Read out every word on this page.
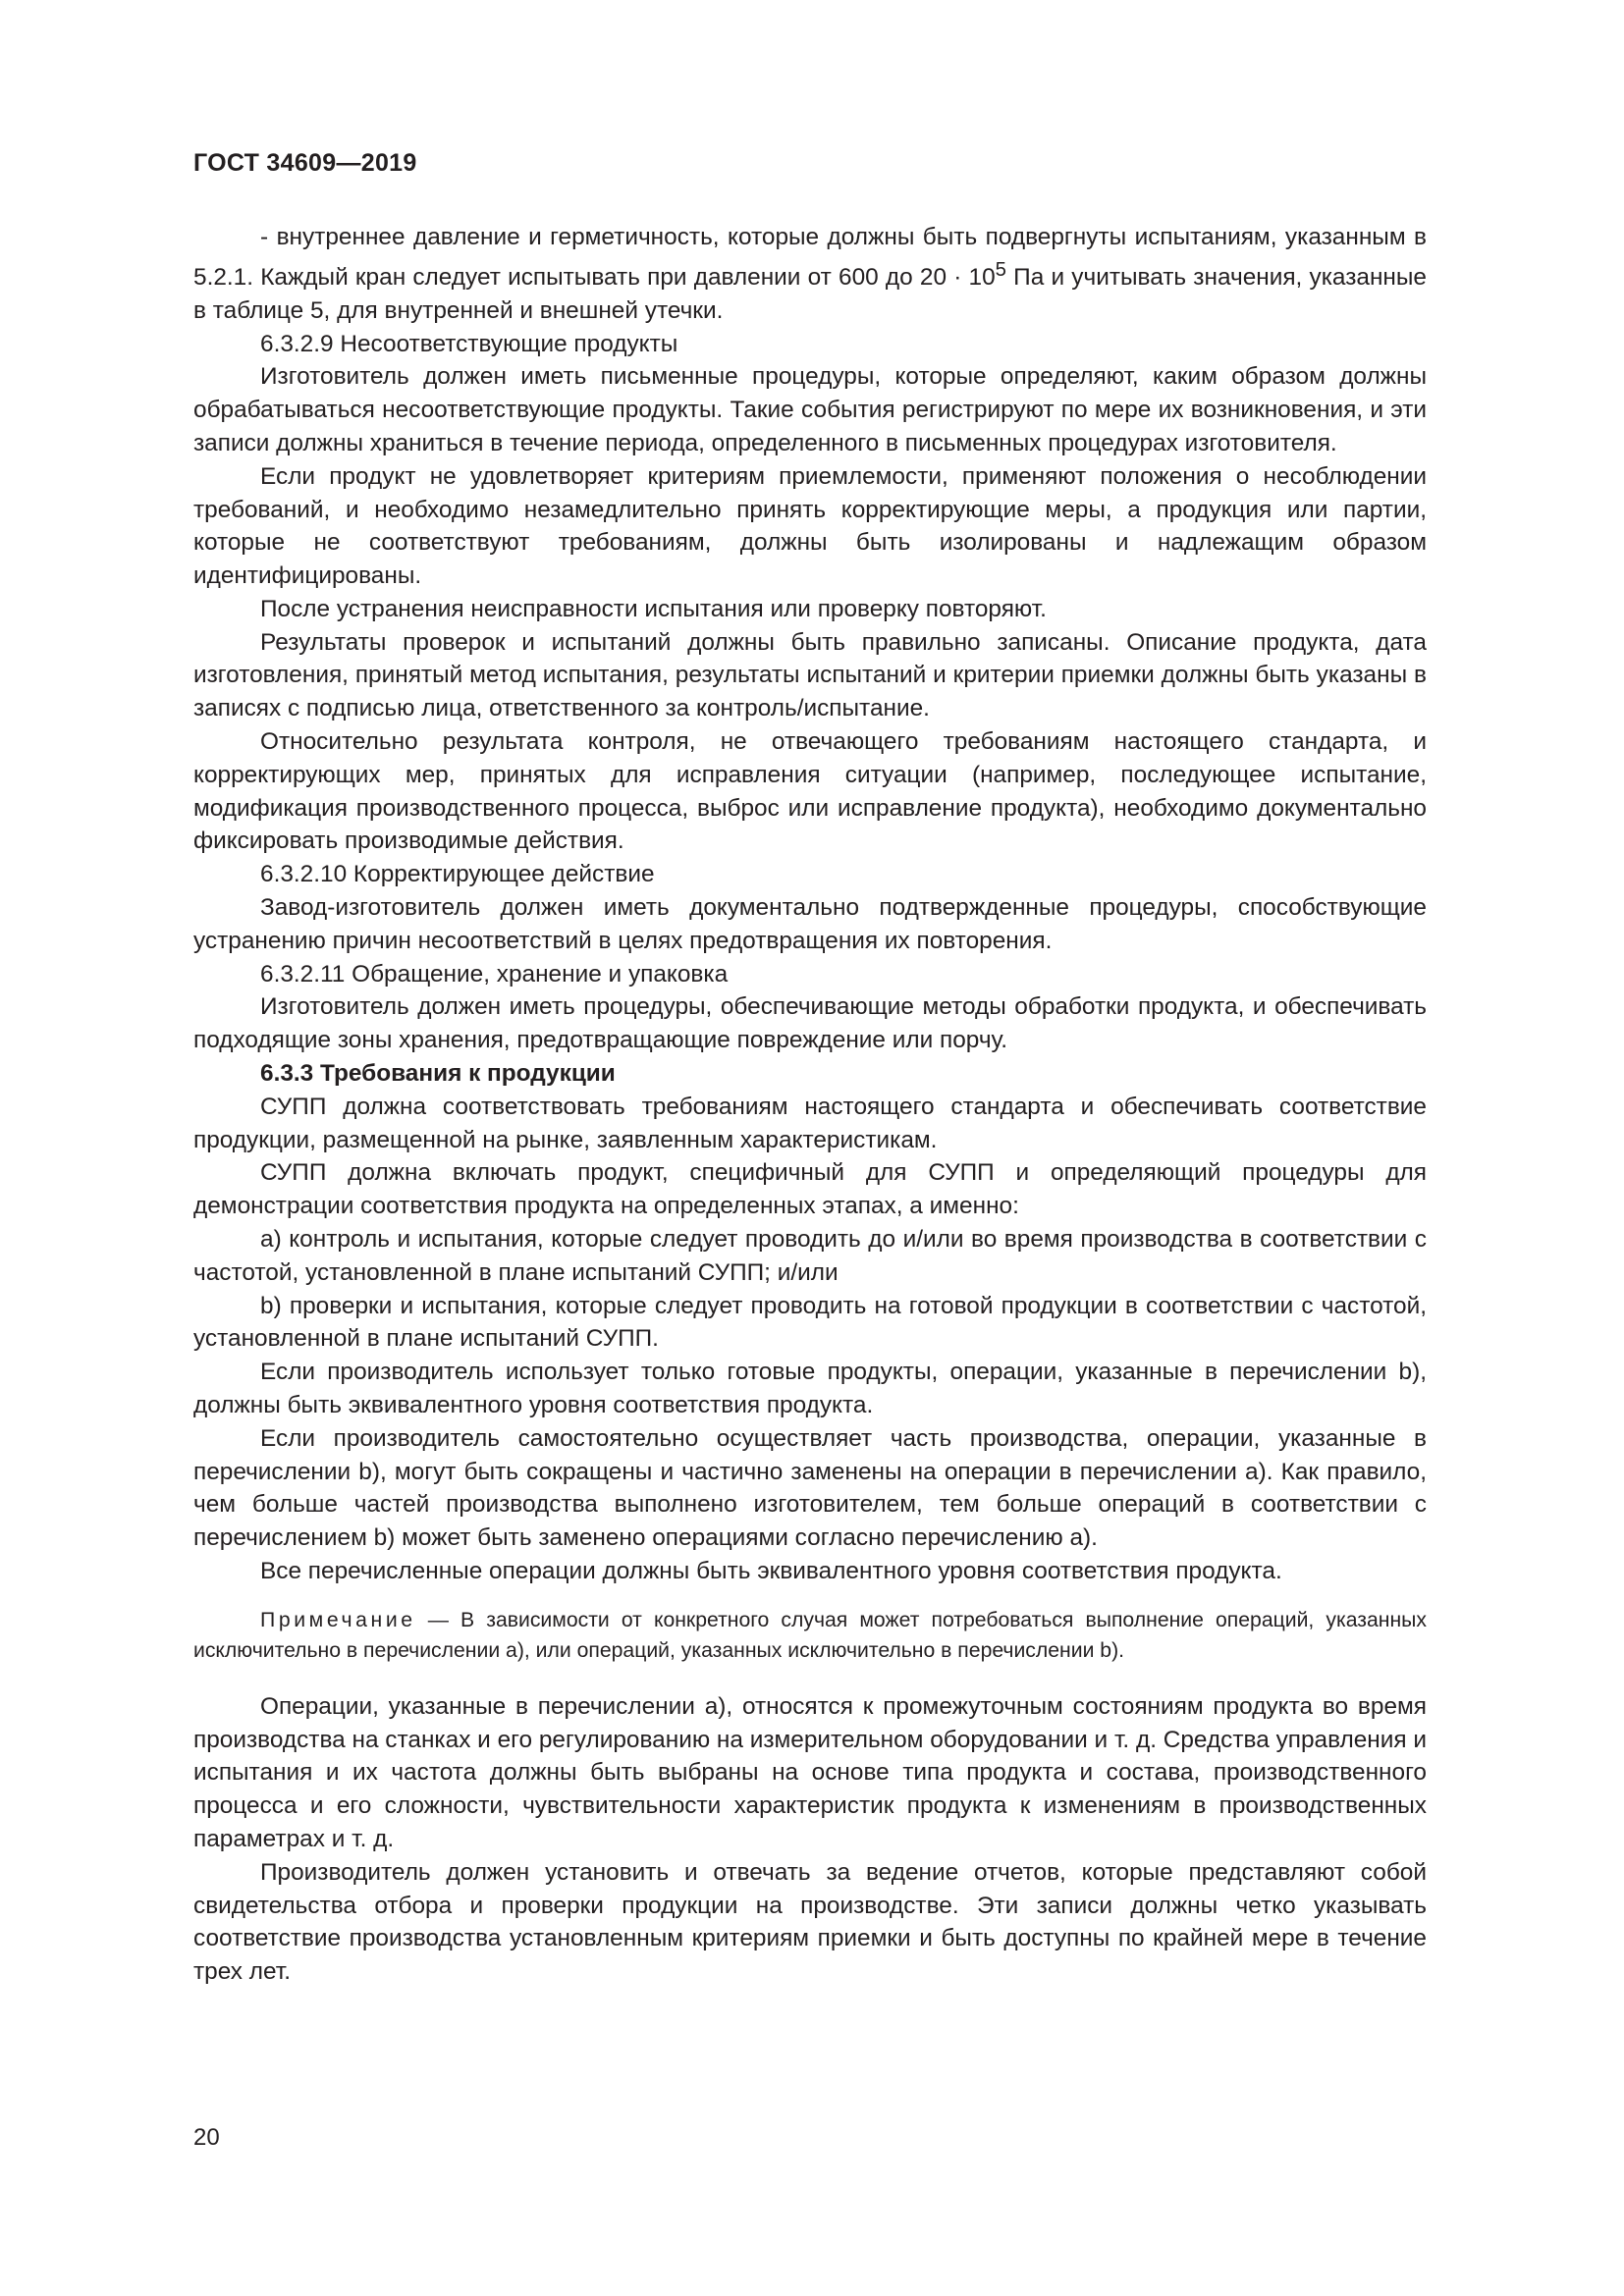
ГОСТ 34609—2019

- внутреннее давление и герметичность, которые должны быть подвергнуты испытаниям, указанным в 5.2.1. Каждый кран следует испытывать при давлении от 600 до $20 \cdot 10^5$ Па и учитывать значения, указанные в таблице 5, для внутренней и внешней утечки.

6.3.2.9 Несоответствующие продукты

Изготовитель должен иметь письменные процедуры, которые определяют, каким образом должны обрабатываться несоответствующие продукты. Такие события регистрируют по мере их возникновения, и эти записи должны храниться в течение периода, определенного в письменных процедурах изготовителя.

Если продукт не удовлетворяет критериям приемлемости, применяют положения о несоблюдении требований, и необходимо незамедлительно принять корректирующие меры, а продукция или партии, которые не соответствуют требованиям, должны быть изолированы и надлежащим образом идентифицированы.

После устранения неисправности испытания или проверку повторяют.

Результаты проверок и испытаний должны быть правильно записаны. Описание продукта, дата изготовления, принятый метод испытания, результаты испытаний и критерии приемки должны быть указаны в записях с подписью лица, ответственного за контроль/испытание.

Относительно результата контроля, не отвечающего требованиям настоящего стандарта, и корректирующих мер, принятых для исправления ситуации (например, последующее испытание, модификация производственного процесса, выброс или исправление продукта), необходимо документально фиксировать производимые действия.

6.3.2.10 Корректирующее действие

Завод-изготовитель должен иметь документально подтвержденные процедуры, способствующие устранению причин несоответствий в целях предотвращения их повторения.

6.3.2.11 Обращение, хранение и упаковка

Изготовитель должен иметь процедуры, обеспечивающие методы обработки продукта, и обеспечивать подходящие зоны хранения, предотвращающие повреждение или порчу.

6.3.3 Требования к продукции

СУПП должна соответствовать требованиям настоящего стандарта и обеспечивать соответствие продукции, размещенной на рынке, заявленным характеристикам.

СУПП должна включать продукт, специфичный для СУПП и определяющий процедуры для демонстрации соответствия продукта на определенных этапах, а именно:

a) контроль и испытания, которые следует проводить до и/или во время производства в соответствии с частотой, установленной в плане испытаний СУПП; и/или

b) проверки и испытания, которые следует проводить на готовой продукции в соответствии с частотой, установленной в плане испытаний СУПП.

Если производитель использует только готовые продукты, операции, указанные в перечислении b), должны быть эквивалентного уровня соответствия продукта.

Если производитель самостоятельно осуществляет часть производства, операции, указанные в перечислении b), могут быть сокращены и частично заменены на операции в перечислении a). Как правило, чем больше частей производства выполнено изготовителем, тем больше операций в соответствии с перечислением b) может быть заменено операциями согласно перечислению a).

Все перечисленные операции должны быть эквивалентного уровня соответствия продукта.

Примечание — В зависимости от конкретного случая может потребоваться выполнение операций, указанных исключительно в перечислении a), или операций, указанных исключительно в перечислении b).

Операции, указанные в перечислении a), относятся к промежуточным состояниям продукта во время производства на станках и его регулированию на измерительном оборудовании и т. д. Средства управления и испытания и их частота должны быть выбраны на основе типа продукта и состава, производственного процесса и его сложности, чувствительности характеристик продукта к изменениям в производственных параметрах и т. д.

Производитель должен установить и отвечать за ведение отчетов, которые представляют собой свидетельства отбора и проверки продукции на производстве. Эти записи должны четко указывать соответствие производства установленным критериям приемки и быть доступны по крайней мере в течение трех лет.

20
